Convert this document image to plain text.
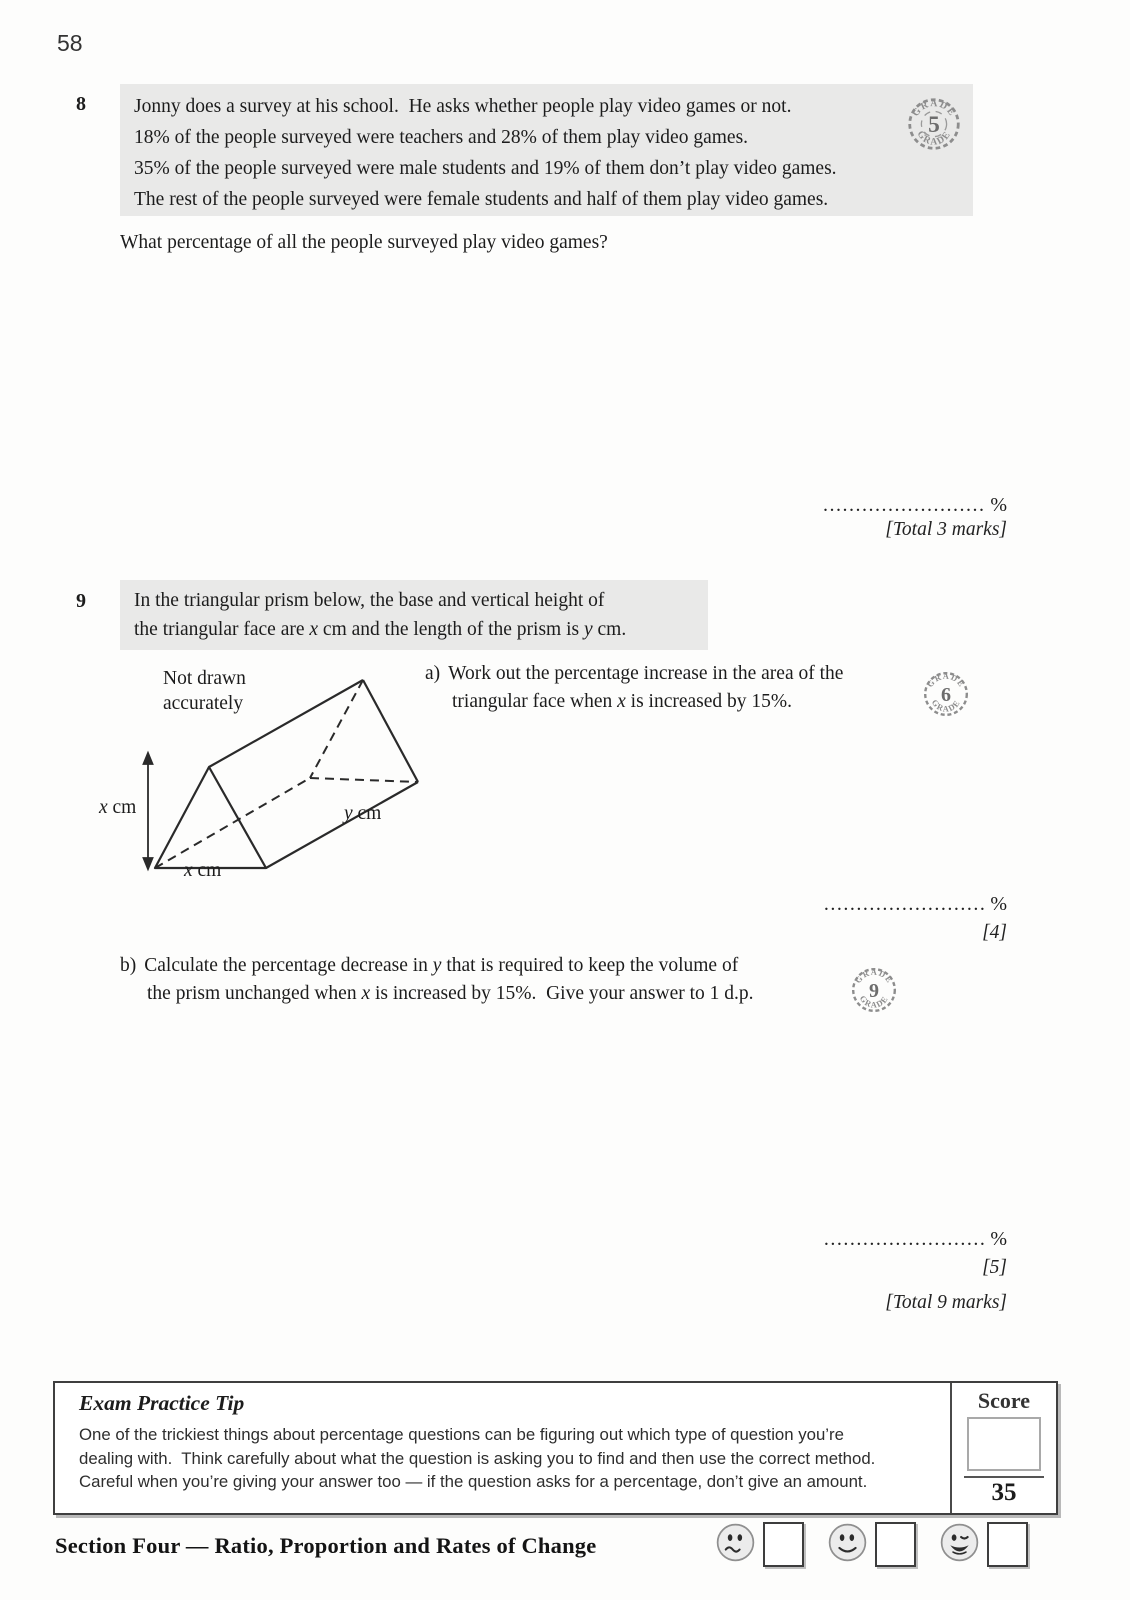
58
8 Jonny does a survey at his school.  He asks whether people play video games or not.
18% of the people surveyed were teachers and 28% of them play video games.
35% of the people surveyed were male students and 19% of them don’t play video games.
The rest of the people surveyed were female students and half of them play video games.
GRADE
GRADE
5
What percentage of all the people surveyed play video games?
......................... %
[Total 3 marks]
9 In the triangular prism below, the base and vertical height of
the triangular face are x cm and the length of the prism is y cm.
Not drawn
accurately
x cm
x cm
y cm
a) Work out the percentage increase in the area of the
triangular face when x is increased by 15%.
GRADE
GRADE
6
......................... %
[4]
b) Calculate the percentage decrease in y that is required to keep the volume of
the prism unchanged when x is increased by 15%.  Give your answer to 1 d.p.
GRADE
GRADE
9
......................... %
[5]
[Total 9 marks]
Exam Practice Tip
One of the trickiest things about percentage questions can be figuring out which type of question you’re
dealing with.  Think carefully about what the question is asking you to find and then use the correct method.
Careful when you’re giving your answer too — if the question asks for a percentage, don’t give an amount.
Score
35
Section Four — Ratio, Proportion and Rates of Change
